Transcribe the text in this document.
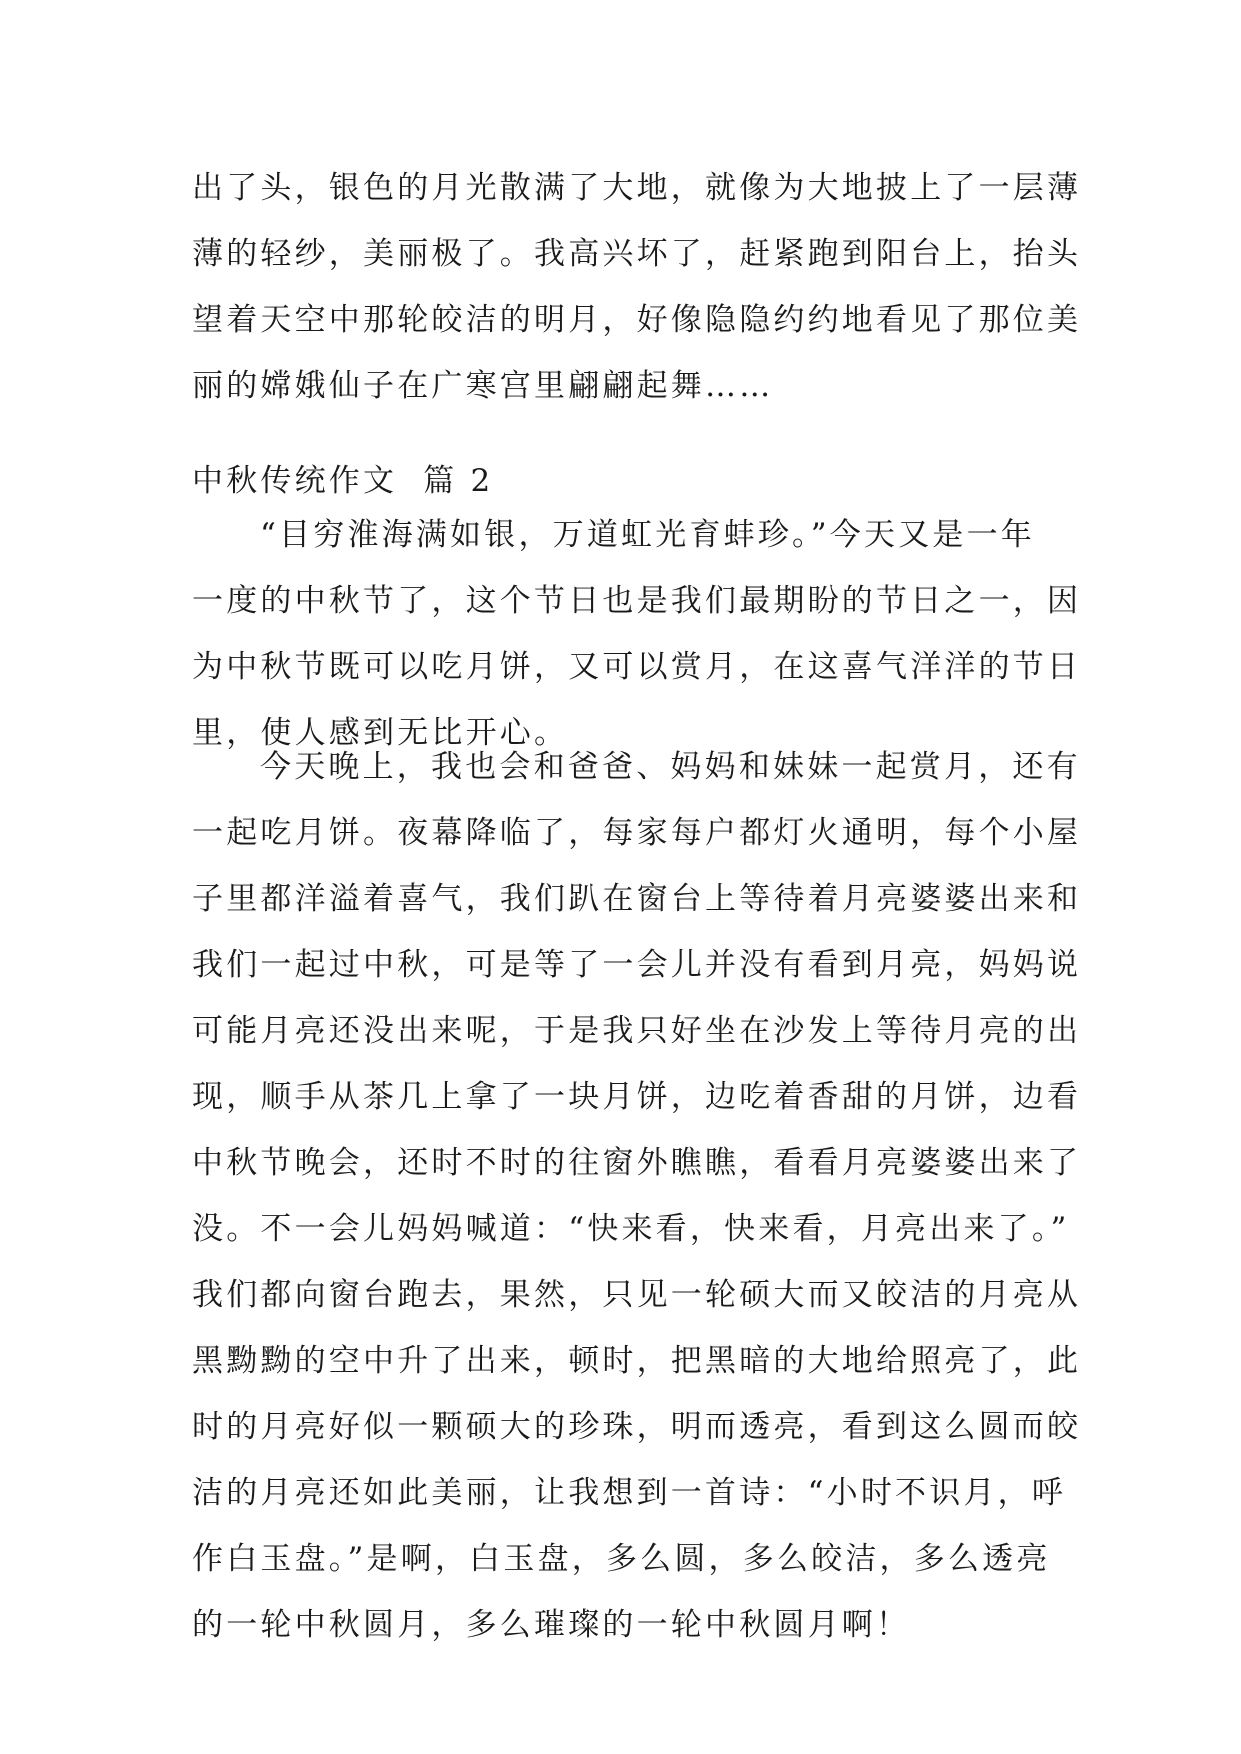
出了头，银色的月光散满了大地，就像为大地披上了一层薄
薄的轻纱，美丽极了。我高兴坏了，赶紧跑到阳台上，抬头
望着天空中那轮皎洁的明月，好像隐隐约约地看见了那位美
丽的嫦娥仙子在广寒宫里翩翩起舞……
中秋传统作文  篇 2
“目穷淮海满如银，万道虹光育蚌珍。”今天又是一年
一度的中秋节了，这个节日也是我们最期盼的节日之一，因
为中秋节既可以吃月饼，又可以赏月，在这喜气洋洋的节日
里，使人感到无比开心。
今天晚上，我也会和爸爸、妈妈和妹妹一起赏月，还有
一起吃月饼。夜幕降临了，每家每户都灯火通明，每个小屋
子里都洋溢着喜气，我们趴在窗台上等待着月亮婆婆出来和
我们一起过中秋，可是等了一会儿并没有看到月亮，妈妈说
可能月亮还没出来呢，于是我只好坐在沙发上等待月亮的出
现，顺手从茶几上拿了一块月饼，边吃着香甜的月饼，边看
中秋节晚会，还时不时的往窗外瞧瞧，看看月亮婆婆出来了
没。不一会儿妈妈喊道：“快来看，快来看，月亮出来了。”
我们都向窗台跑去，果然，只见一轮硕大而又皎洁的月亮从
黑黝黝的空中升了出来，顿时，把黑暗的大地给照亮了，此
时的月亮好似一颗硕大的珍珠，明而透亮，看到这么圆而皎
洁的月亮还如此美丽，让我想到一首诗：“小时不识月，呼
作白玉盘。”是啊，白玉盘，多么圆，多么皎洁，多么透亮
的一轮中秋圆月，多么璀璨的一轮中秋圆月啊！
